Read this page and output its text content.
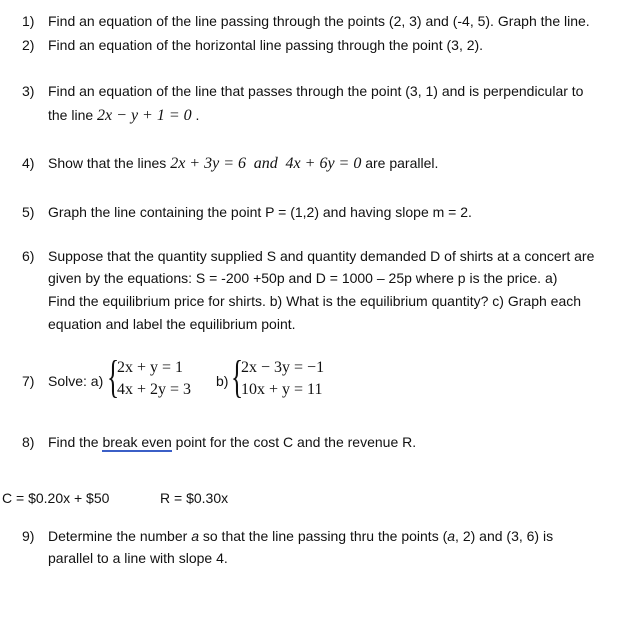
1) Find an equation of the line passing through the points (2, 3) and (-4, 5). Graph the line.
2) Find an equation of the horizontal line passing through the point (3, 2).
3) Find an equation of the line that passes through the point (3, 1) and is perpendicular to
the line 2x − y + 1 = 0 .
4) Show that the lines 2x + 3y = 6 and 4x + 6y = 0 are parallel.
5) Graph the line containing the point P = (1,2) and having slope m = 2.
6) Suppose that the quantity supplied S and quantity demanded D of shirts at a concert are
given by the equations: S = -200 +50p and D = 1000 – 25p where p is the price. a)
Find the equilibrium price for shirts. b) What is the equilibrium quantity? c) Graph each
equation and label the equilibrium point.
7) Solve: a) {
2x + y = 1
4x + 2y = 3 b) {
2x − 3y = −1
10x + y = 11
8) Find the break even point for the cost C and the revenue R.
C = $0.20x + $50	R = $0.30x
9) Determine the number a so that the line passing thru the points (a, 2) and (3, 6) is
parallel to a line with slope 4.
